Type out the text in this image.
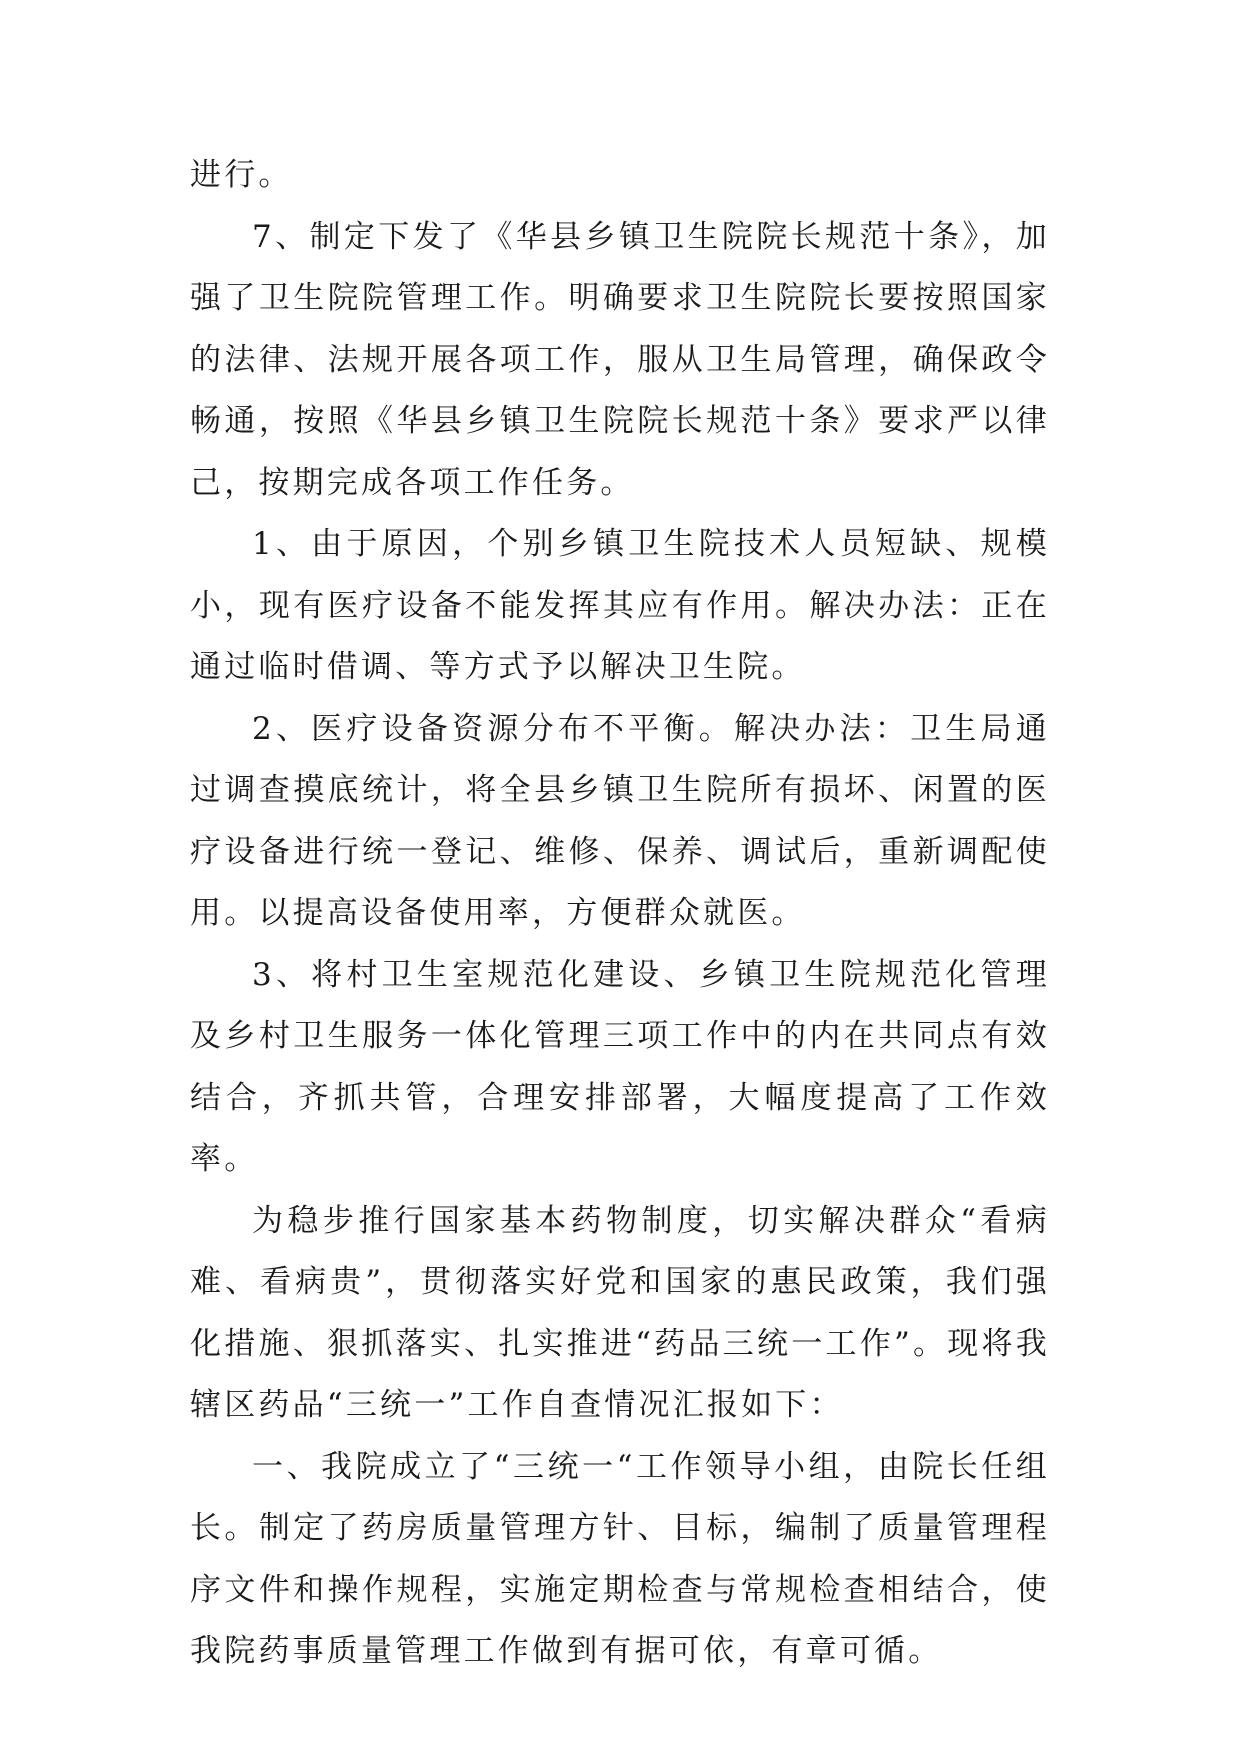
进行。

7、制定下发了《华县乡镇卫生院院长规范十条》，加强了卫生院院管理工作。明确要求卫生院院长要按照国家的法律、法规开展各项工作，服从卫生局管理，确保政令畅通，按照《华县乡镇卫生院院长规范十条》要求严以律己，按期完成各项工作任务。

1、由于原因，个别乡镇卫生院技术人员短缺、规模小，现有医疗设备不能发挥其应有作用。解决办法：正在通过临时借调、等方式予以解决卫生院。

2、医疗设备资源分布不平衡。解决办法：卫生局通过调查摸底统计，将全县乡镇卫生院所有损坏、闲置的医疗设备进行统一登记、维修、保养、调试后，重新调配使用。以提高设备使用率，方便群众就医。

3、将村卫生室规范化建设、乡镇卫生院规范化管理及乡村卫生服务一体化管理三项工作中的内在共同点有效结合，齐抓共管，合理安排部署，大幅度提高了工作效率。

为稳步推行国家基本药物制度，切实解决群众“看病难、看病贵”，贯彻落实好党和国家的惠民政策，我们强化措施、狠抓落实、扎实推进“药品三统一工作”。现将我辖区药品“三统一”工作自查情况汇报如下：

一、我院成立了“三统一“工作领导小组，由院长任组长。制定了药房质量管理方针、目标，编制了质量管理程序文件和操作规程，实施定期检查与常规检查相结合，使我院药事质量管理工作做到有据可依，有章可循。
